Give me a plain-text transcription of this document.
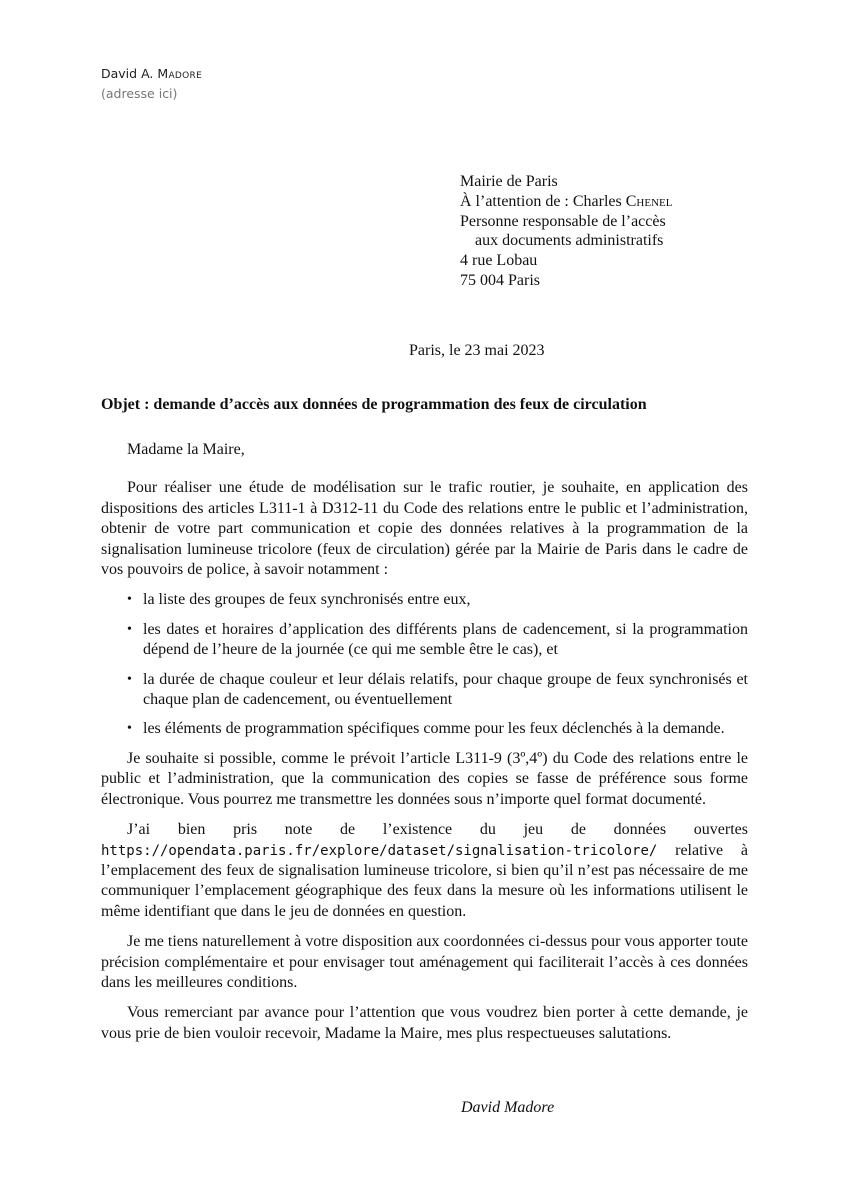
David A. Madore
(adresse ici)
Mairie de Paris
À l’attention de : Charles Chenel
Personne responsable de l’accès
aux documents administratifs
4 rue Lobau
75 004 Paris
Paris, le 23 mai 2023
Objet : demande d’accès aux données de programmation des feux de circulation

Madame la Maire,

Pour réaliser une étude de modélisation sur le trafic routier, je souhaite, en application des dispositions des articles L311-1 à D312-11 du Code des relations entre le public et l’administration, obtenir de votre part communication et copie des données relatives à la programmation de la signalisation lumineuse tricolore (feux de circulation) gérée par la Mairie de Paris dans le cadre de vos pouvoirs de police, à savoir notamment :

• la liste des groupes de feux synchronisés entre eux,
• les dates et horaires d’application des différents plans de cadencement, si la programmation dépend de l’heure de la journée (ce qui me semble être le cas), et
• la durée de chaque couleur et leur délais relatifs, pour chaque groupe de feux synchronisés et chaque plan de cadencement, ou éventuellement
• les éléments de programmation spécifiques comme pour les feux déclenchés à la demande.

Je souhaite si possible, comme le prévoit l’article L311-9 (3º,4º) du Code des relations entre le public et l’administration, que la communication des copies se fasse de préférence sous forme électronique. Vous pourrez me transmettre les données sous n’importe quel format documenté.

J’ai bien pris note de l’existence du jeu de données ouvertes https://opendata.paris.fr/explore/dataset/signalisation-tricolore/ relative à l’emplacement des feux de signalisation lumineuse tricolore, si bien qu’il n’est pas nécessaire de me communiquer l’emplacement géographique des feux dans la mesure où les informations utilisent le même identifiant que dans le jeu de données en question.

Je me tiens naturellement à votre disposition aux coordonnées ci-dessus pour vous apporter toute précision complémentaire et pour envisager tout aménagement qui faciliterait l’accès à ces données dans les meilleures conditions.

Vous remerciant par avance pour l’attention que vous voudrez bien porter à cette demande, je vous prie de bien vouloir recevoir, Madame la Maire, mes plus respectueuses salutations.

David Madore
